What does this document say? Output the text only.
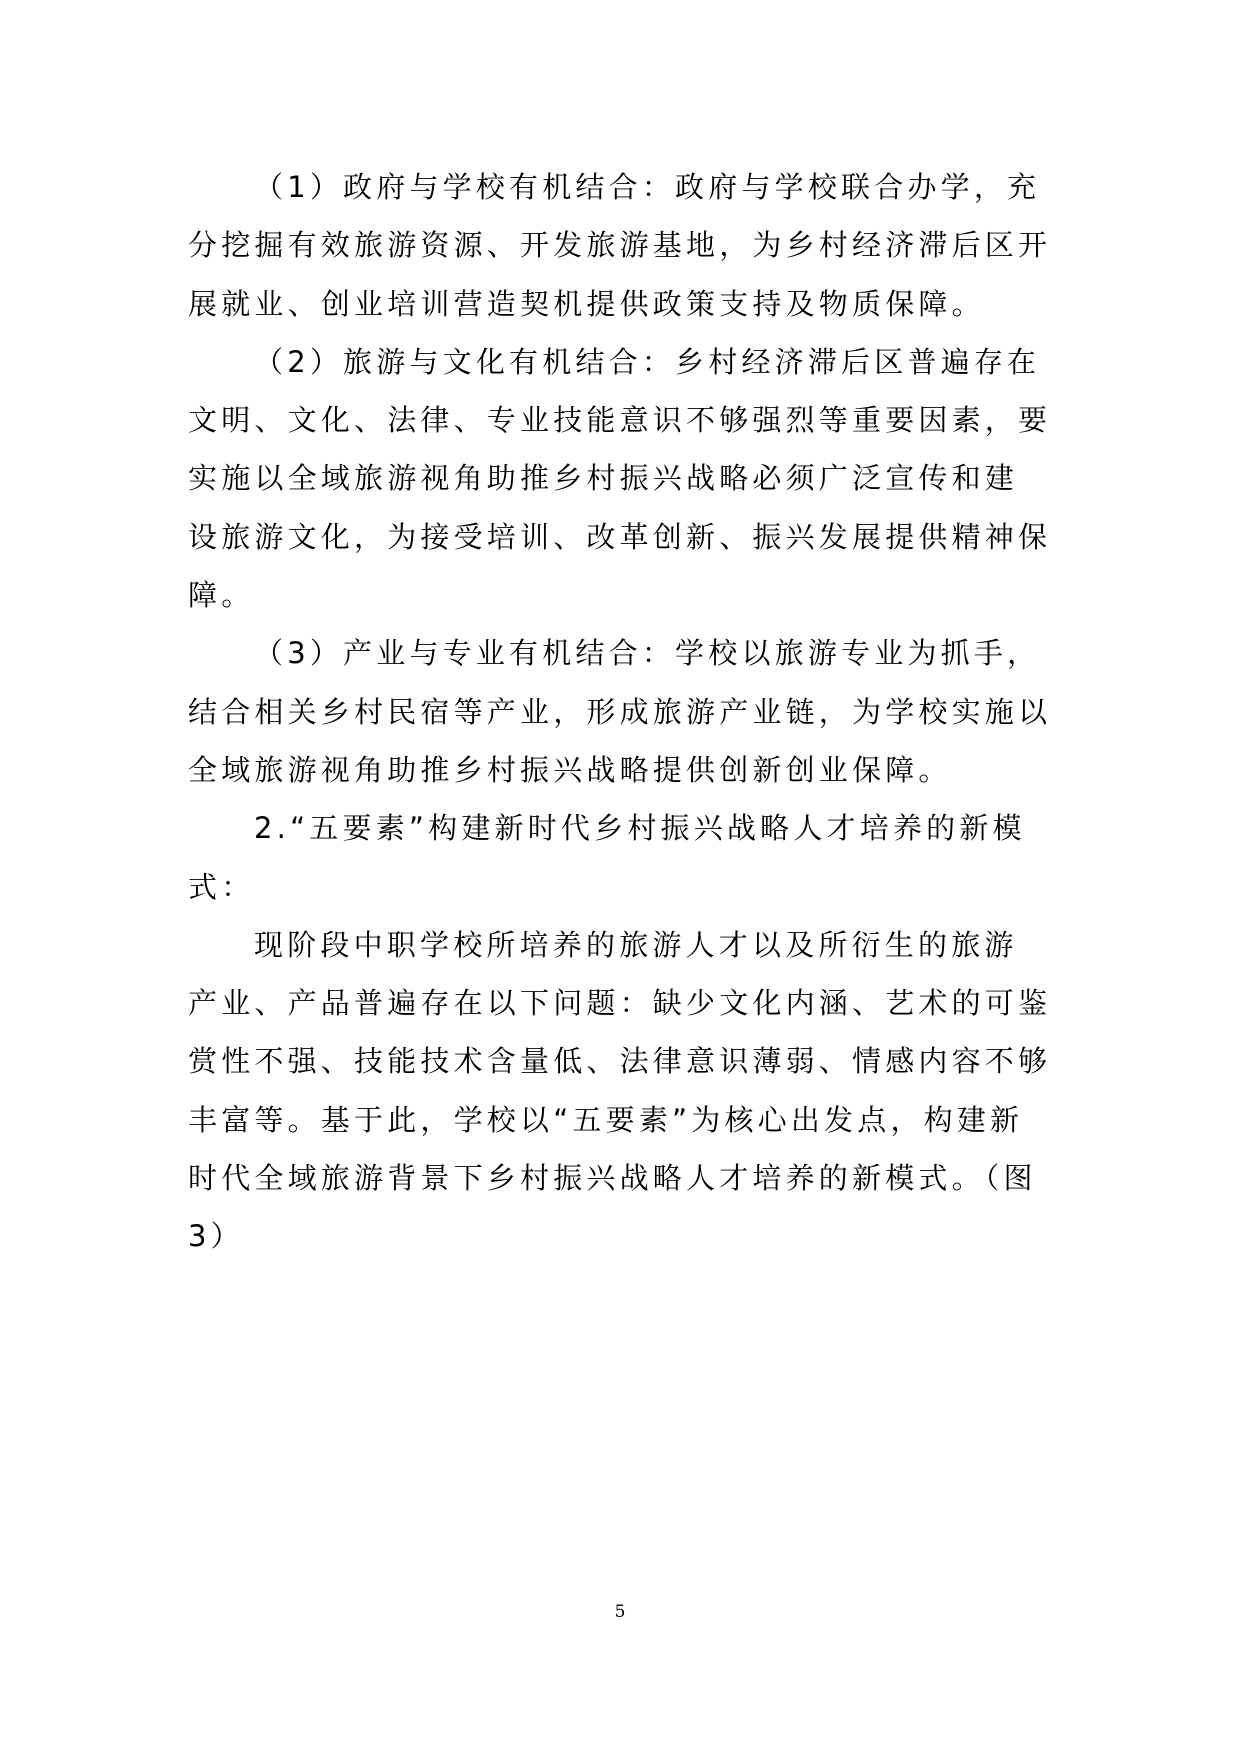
（1）政府与学校有机结合：政府与学校联合办学，充
分挖掘有效旅游资源、开发旅游基地，为乡村经济滞后区开
展就业、创业培训营造契机提供政策支持及物质保障。
（2）旅游与文化有机结合：乡村经济滞后区普遍存在
文明、文化、法律、专业技能意识不够强烈等重要因素，要
实施以全域旅游视角助推乡村振兴战略必须广泛宣传和建
设旅游文化，为接受培训、改革创新、振兴发展提供精神保
障。
（3）产业与专业有机结合：学校以旅游专业为抓手，
结合相关乡村民宿等产业，形成旅游产业链，为学校实施以
全域旅游视角助推乡村振兴战略提供创新创业保障。
2.“五要素”构建新时代乡村振兴战略人才培养的新模
式：
现阶段中职学校所培养的旅游人才以及所衍生的旅游
产业、产品普遍存在以下问题：缺少文化内涵、艺术的可鉴
赏性不强、技能技术含量低、法律意识薄弱、情感内容不够
丰富等。基于此，学校以“五要素”为核心出发点，构建新
时代全域旅游背景下乡村振兴战略人才培养的新模式。（图
3）
5
